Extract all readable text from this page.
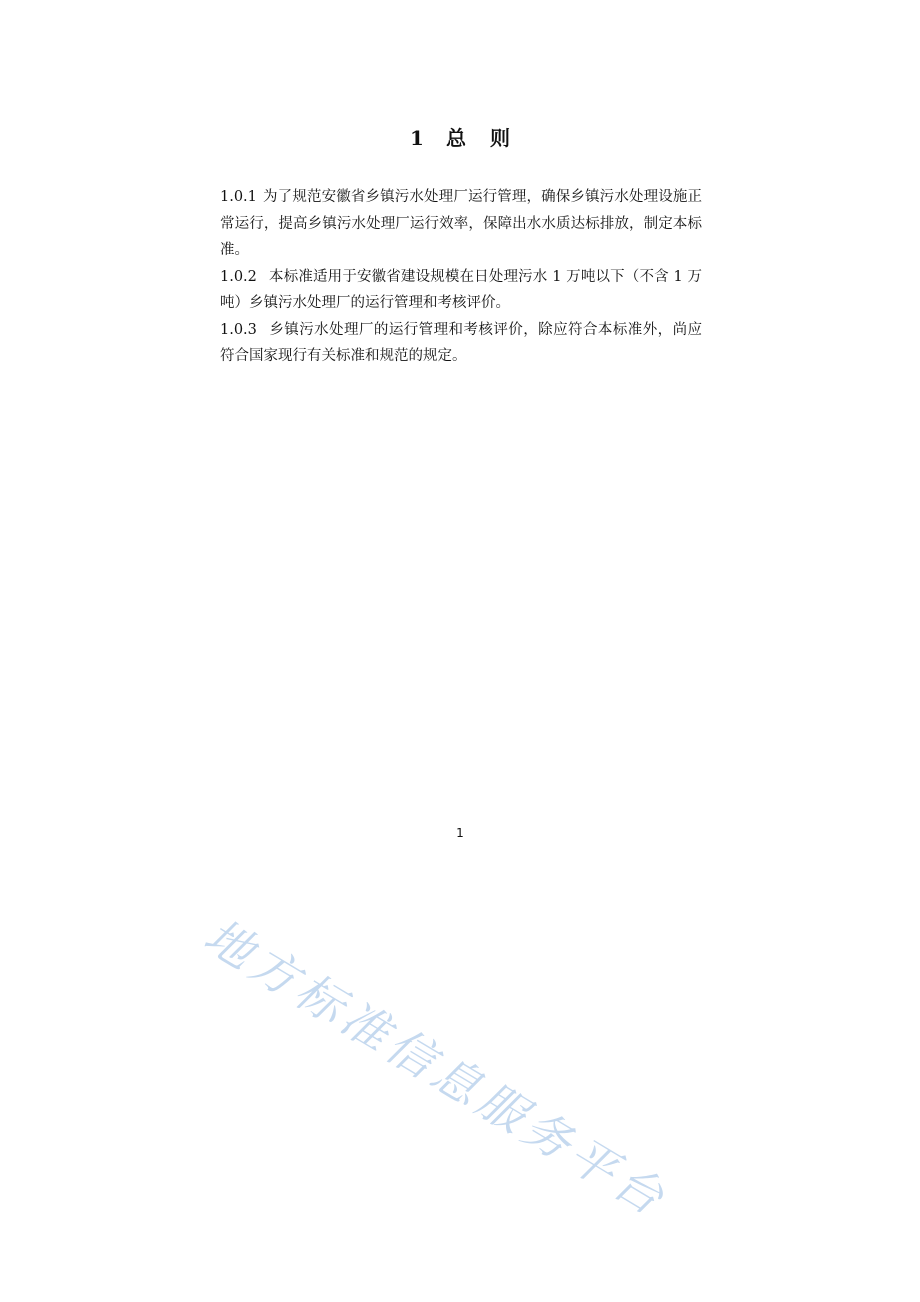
1 总 则

1.0.1 为了规范安徽省乡镇污水处理厂运行管理，确保乡镇污水处理设施正常运行，提高乡镇污水处理厂运行效率，保障出水水质达标排放，制定本标准。

1.0.2 本标准适用于安徽省建设规模在日处理污水 1 万吨以下（不含 1 万吨）乡镇污水处理厂的运行管理和考核评价。

1.0.3 乡镇污水处理厂的运行管理和考核评价，除应符合本标准外，尚应符合国家现行有关标准和规范的规定。

1
地方标准信息服务平台
